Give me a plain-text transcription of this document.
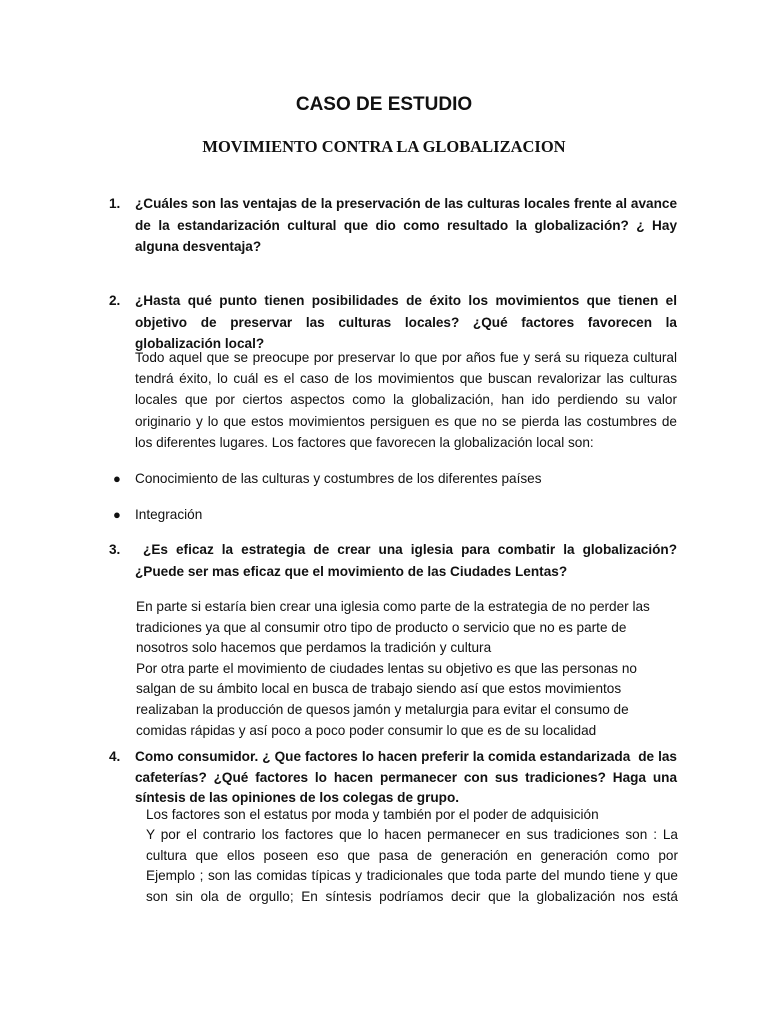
CASO DE ESTUDIO
MOVIMIENTO CONTRA LA GLOBALIZACION
1. ¿Cuáles son las ventajas de la preservación de las culturas locales frente al avance de la estandarización cultural que dio como resultado la globalización? ¿ Hay alguna desventaja?
2. ¿Hasta qué punto tienen posibilidades de éxito los movimientos que tienen el objetivo de preservar las culturas locales? ¿Qué factores favorecen la globalización local?
Todo aquel que se preocupe por preservar lo que por años fue y será su riqueza cultural tendrá éxito, lo cuál es el caso de los movimientos que buscan revalorizar las culturas locales que por ciertos aspectos como la globalización, han ido perdiendo su valor originario y lo que estos movimientos persiguen es que no se pierda las costumbres de los diferentes lugares. Los factores que favorecen la globalización local son:
● Conocimiento de las culturas y costumbres de los diferentes países
● Integración
3. ¿Es eficaz la estrategia de crear una iglesia para combatir la globalización? ¿Puede ser mas eficaz que el movimiento de las Ciudades Lentas?
En parte si estaría bien crear una iglesia como parte de la estrategia de no perder las
tradiciones ya que al consumir otro tipo de producto o servicio que no es parte de
nosotros solo hacemos que perdamos la tradición y cultura
Por otra parte el movimiento de ciudades lentas su objetivo es que las personas no
salgan de su ámbito local en busca de trabajo siendo así que estos movimientos
realizaban la producción de quesos jamón y metalurgia para evitar el consumo de
comidas rápidas y así poco a poco poder consumir lo que es de su localidad
4. Como consumidor. ¿ Que factores lo hacen preferir la comida estandarizada  de las cafeterías? ¿Qué factores lo hacen permanecer con sus tradiciones? Haga una síntesis de las opiniones de los colegas de grupo.
Los factores son el estatus por moda y también por el poder de adquisición
Y por el contrario los factores que lo hacen permanecer en sus tradiciones son : La
cultura que ellos poseen eso que pasa de generación en generación como por
Ejemplo ; son las comidas típicas y tradicionales que toda parte del mundo tiene y que
son sin ola de orgullo; En síntesis podríamos decir que la globalización nos está
